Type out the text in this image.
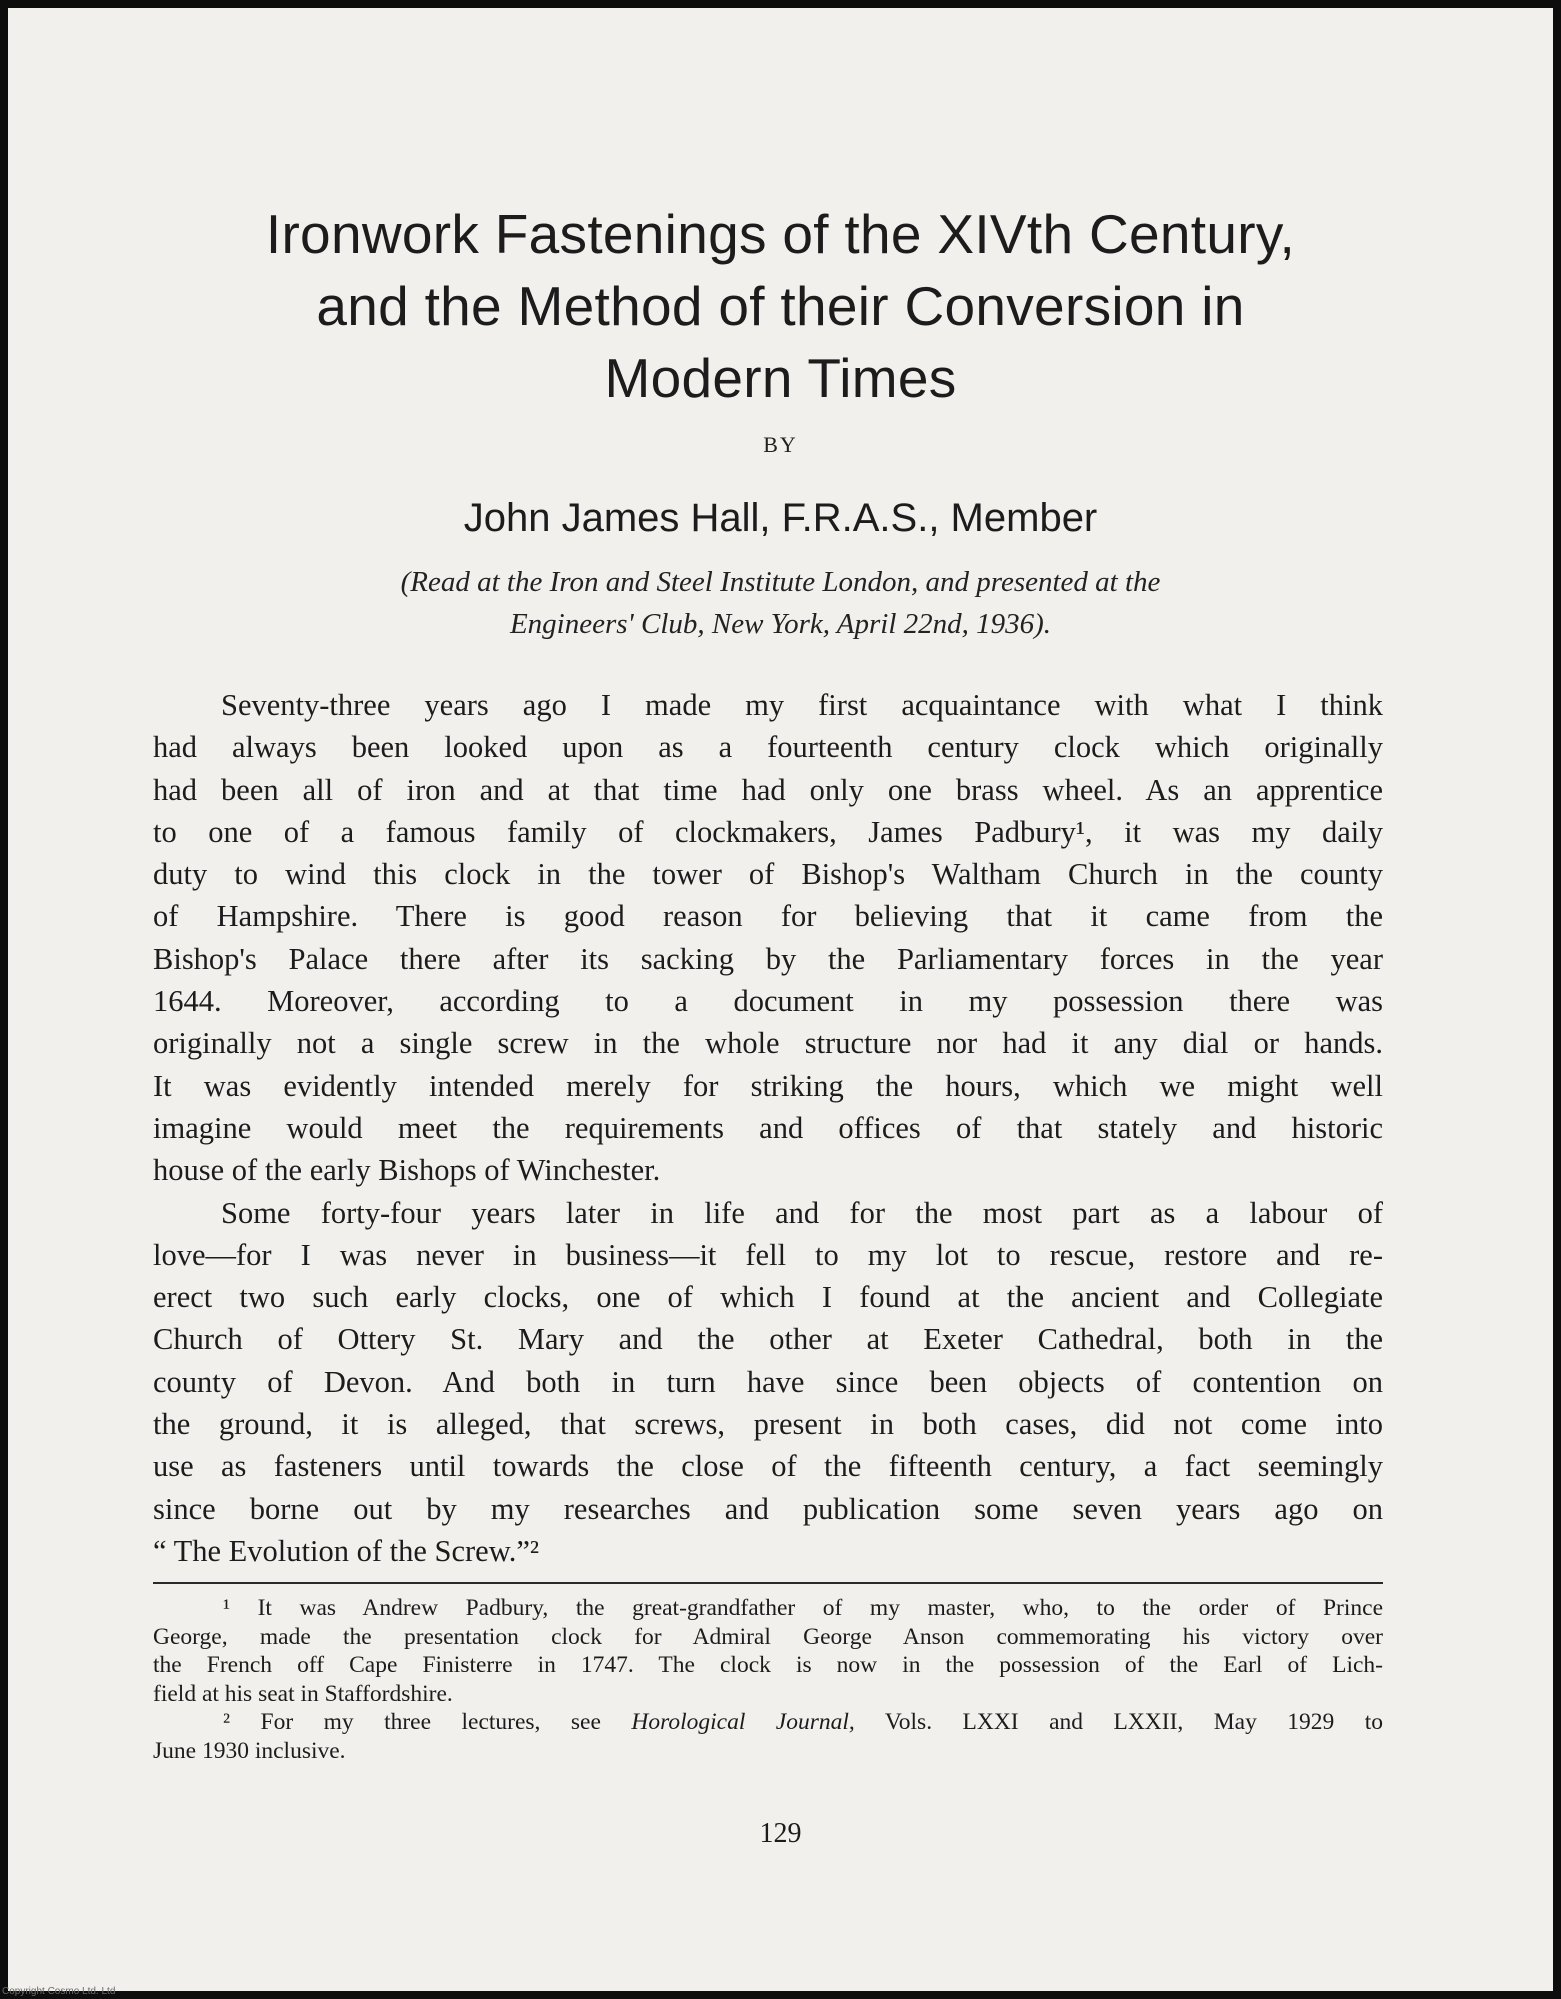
Ironwork Fastenings of the XIVth Century,
and the Method of their Conversion in
Modern Times
BY
John James Hall, F.R.A.S., Member
(Read at the Iron and Steel Institute London, and presented at the
Engineers' Club, New York, April 22nd, 1936).

Seventy-three years ago I made my first acquaintance with what I think
had always been looked upon as a fourteenth century clock which originally
had been all of iron and at that time had only one brass wheel. As an apprentice
to one of a famous family of clockmakers, James Padbury¹, it was my daily
duty to wind this clock in the tower of Bishop's Waltham Church in the county
of Hampshire. There is good reason for believing that it came from the
Bishop's Palace there after its sacking by the Parliamentary forces in the year
1644. Moreover, according to a document in my possession there was
originally not a single screw in the whole structure nor had it any dial or hands.
It was evidently intended merely for striking the hours, which we might well
imagine would meet the requirements and offices of that stately and historic
house of the early Bishops of Winchester.

Some forty-four years later in life and for the most part as a labour of
love—for I was never in business—it fell to my lot to rescue, restore and re-
erect two such early clocks, one of which I found at the ancient and Collegiate
Church of Ottery St. Mary and the other at Exeter Cathedral, both in the
county of Devon. And both in turn have since been objects of contention on
the ground, it is alleged, that screws, present in both cases, did not come into
use as fasteners until towards the close of the fifteenth century, a fact seemingly
since borne out by my researches and publication some seven years ago on
“ The Evolution of the Screw.”²

¹ It was Andrew Padbury, the great-grandfather of my master, who, to the order of Prince
George, made the presentation clock for Admiral George Anson commemorating his victory over
the French off Cape Finisterre in 1747. The clock is now in the possession of the Earl of Lich-
field at his seat in Staffordshire.
² For my three lectures, see Horological Journal, Vols. LXXI and LXXII, May 1929 to
June 1930 inclusive.
129
Copyright Cosmo Ltd. Ltd
